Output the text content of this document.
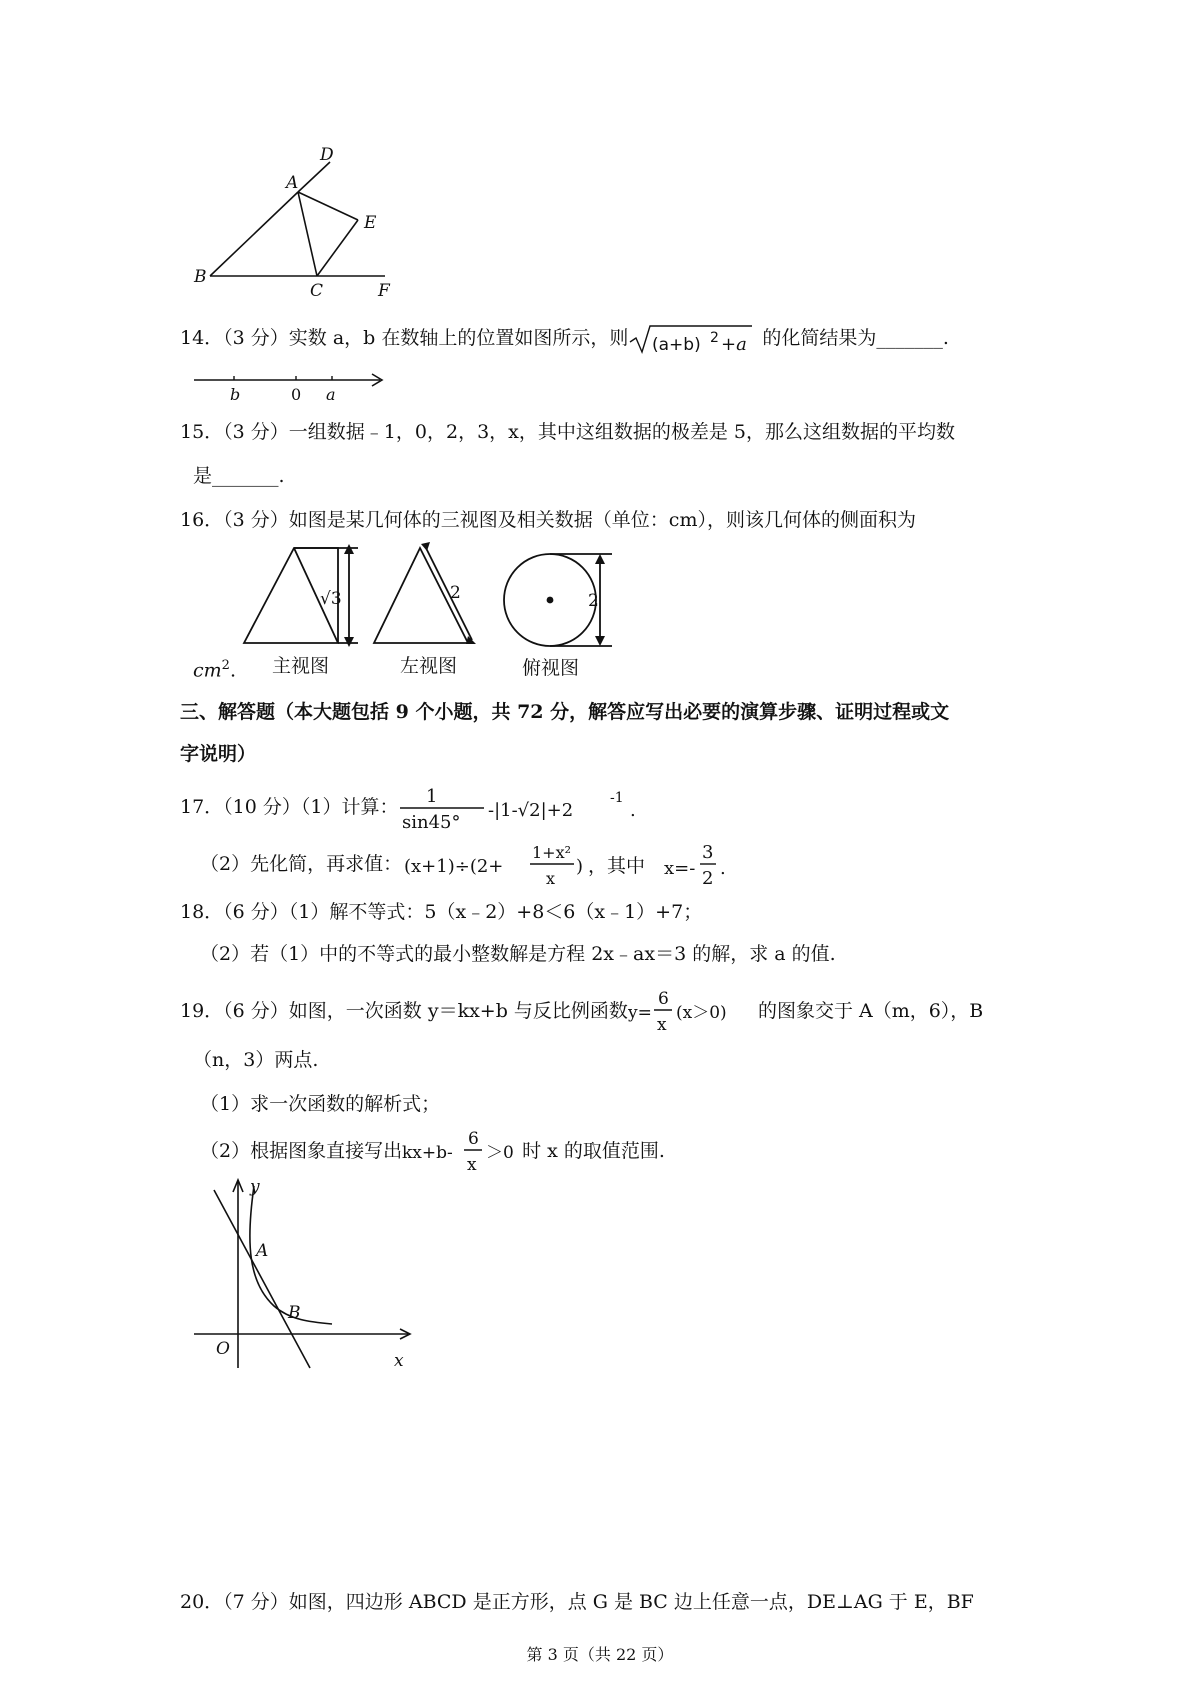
D
A
E
B
C	F
14．（3 分）实数 a，b 在数轴上的位置如图所示，则 (a+b) 2 +a 的化简结果为_______.
b	0 a
15．（3 分）一组数据﹣1，0，2，3，x，其中这组数据的极差是 5，那么这组数据的平均数
是_______.
16．（3 分）如图是某几何体的三视图及相关数据（单位：cm），则该几何体的侧面积为
√3	2	2
主视图	左视图	俯视图
$cm^2$.
三、解答题（本大题包括 9 个小题，共 72 分，解答应写出必要的演算步骤、证明过程或文
字说明）
17．（10 分）（1）计算： 1
sin45°
-|1-√2|+2
-1
.
（2）先化简，再求值： (x+1)÷(2+
1+x²
x
) ，其中 x=-
3
2 .
18．（6 分）（1）解不等式：5（x﹣2）+8＜6（x﹣1）+7；
（2）若（1）中的不等式的最小整数解是方程 2x﹣ax＝3 的解，求 a 的值.
19．（6 分）如图，一次函数 y＝kx+b 与反比例函数 y=
6
x
(x＞0) 的图象交于 A（m，6），B
（n，3）两点.
（1）求一次函数的解析式；
（2）根据图象直接写出 kx+b-
6
x
＞0 时 x 的取值范围.
y
x
O
A
B
20．（7 分）如图，四边形 ABCD 是正方形，点 G 是 BC 边上任意一点，DE⊥AG 于 E，BF
第 3 页（共 22 页）
